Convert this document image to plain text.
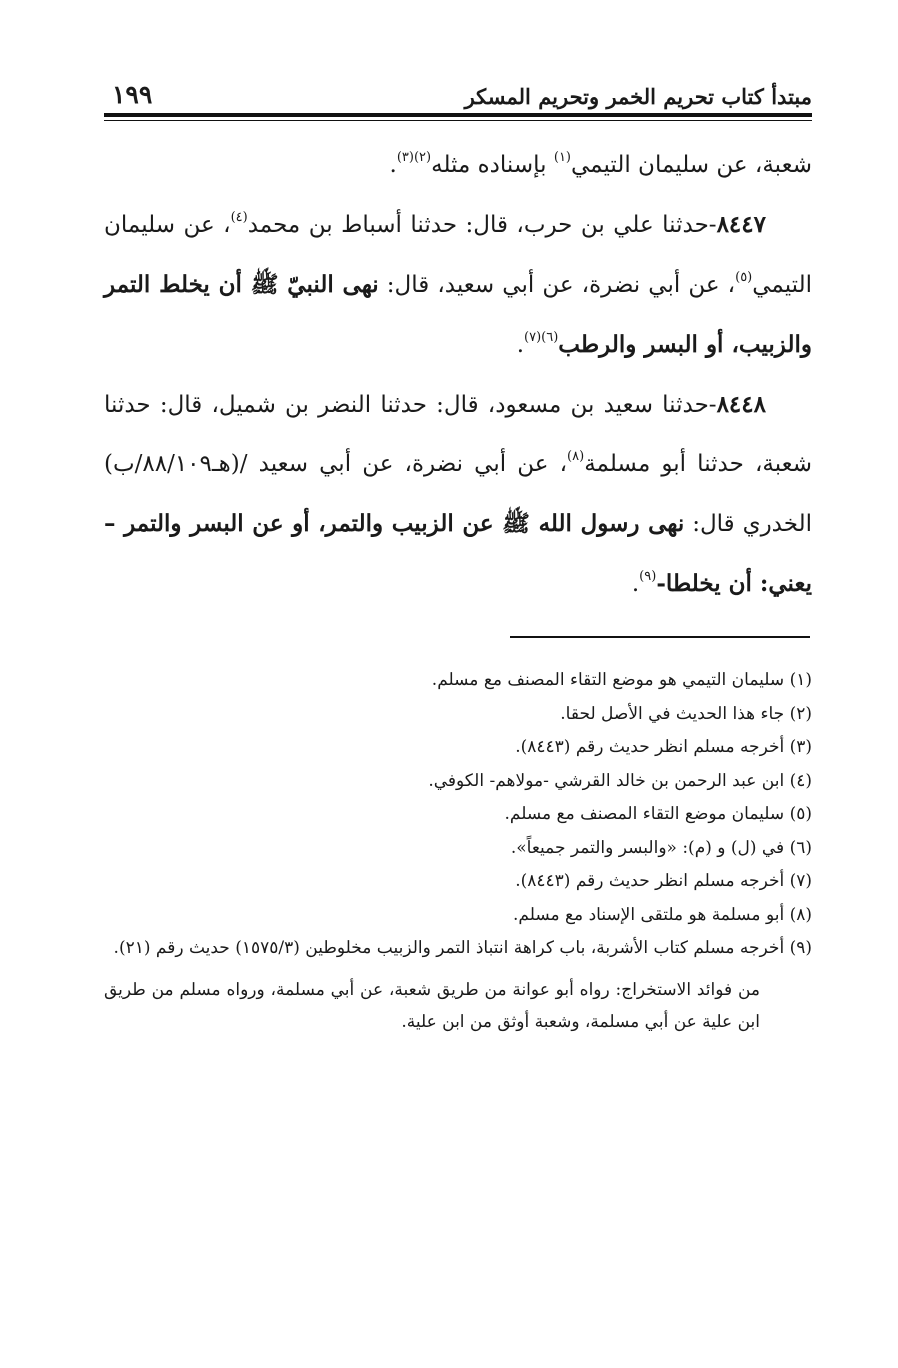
مبتدأ كتاب تحريم الخمر وتحريم المسكر
١٩٩

شعبة، عن سليمان التيمي$^{(١)}$ بإسناده مثله$^{(٢)(٣)}$.

  ٨٤٤٧-حدثنا علي بن حرب، قال: حدثنا أسباط بن محمد$^{(٤)}$، عن سليمان التيمي$^{(٥)}$، عن أبي نضرة، عن أبي سعيد، قال: نهى النبيّ ﷺ أن يخلط التمر والزبيب، أو البسر والرطب$^{(٦)(٧)}$.

  ٨٤٤٨-حدثنا سعيد بن مسعود، قال: حدثنا النضر بن شميل، قال: حدثنا شعبة، حدثنا أبو مسلمة$^{(٨)}$، عن أبي نضرة، عن أبي سعيد /(هـ٨٨/١٠٩/ب) الخدري قال: نهى رسول الله ﷺ عن الزبيب والتمر، أو عن البسر والتمر – يعني: أن يخلطا-$^{(٩)}$.

(١) سليمان التيمي هو موضع التقاء المصنف مع مسلم.

(٢) جاء هذا الحديث في الأصل لحقا.

(٣) أخرجه مسلم انظر حديث رقم (٨٤٤٣).

(٤) ابن عبد الرحمن بن خالد القرشي -مولاهم- الكوفي.

(٥) سليمان موضع التقاء المصنف مع مسلم.

(٦) في (ل) و (م): «والبسر والتمر جميعاً».

(٧) أخرجه مسلم انظر حديث رقم (٨٤٤٣).

(٨) أبو مسلمة هو ملتقى الإسناد مع مسلم.

(٩) أخرجه مسلم كتاب الأشربة، باب كراهة انتباذ التمر والزبيب مخلوطين (١٥٧٥/٣) حديث رقم (٢١).

من فوائد الاستخراج: رواه أبو عوانة من طريق شعبة، عن أبي مسلمة، ورواه مسلم من طريق ابن علية عن أبي مسلمة، وشعبة أوثق من ابن علية.
